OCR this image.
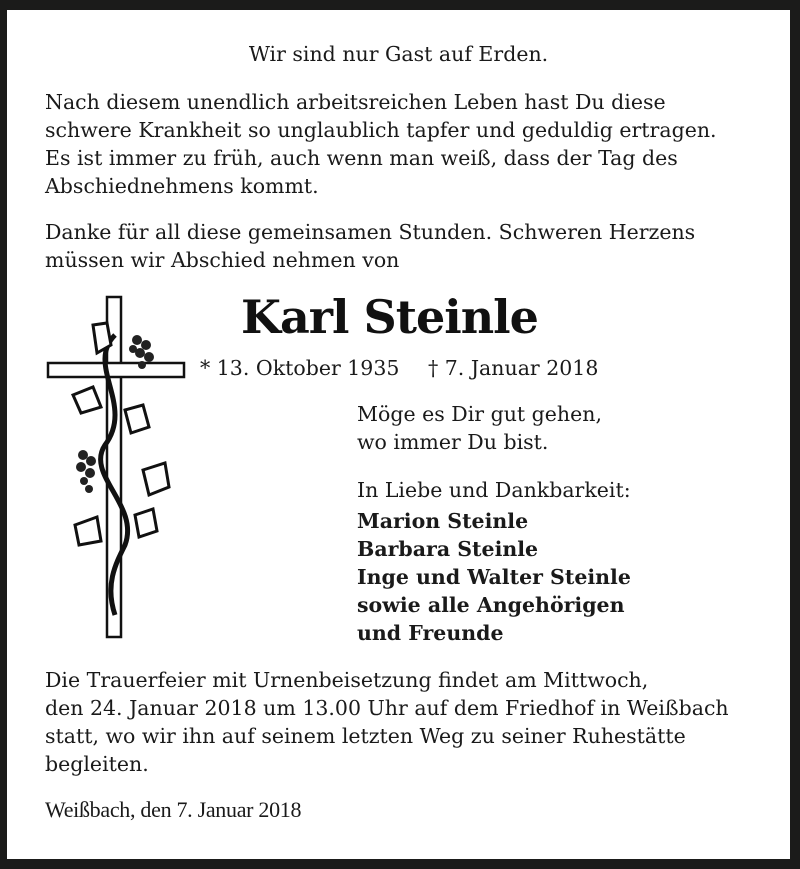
Wir sind nur Gast auf Erden.
Nach diesem unendlich arbeitsreichen Leben hast Du diese
schwere Krankheit so unglaublich tapfer und geduldig ertragen.
Es ist immer zu früh, auch wenn man weiß, dass der Tag des
Abschiednehmens kommt.
Danke für all diese gemeinsamen Stunden. Schweren Herzens
müssen wir Abschied nehmen von
Karl Steinle
* 13. Oktober 1935 † 7. Januar 2018
Möge es Dir gut gehen,
wo immer Du bist.
In Liebe und Dankbarkeit:
Marion Steinle
Barbara Steinle
Inge und Walter Steinle
sowie alle Angehörigen
und Freunde
Die Trauerfeier mit Urnenbeisetzung findet am Mittwoch,
den 24. Januar 2018 um 13.00 Uhr auf dem Friedhof in Weißbach
statt, wo wir ihn auf seinem letzten Weg zu seiner Ruhestätte
begleiten.
Weißbach, den 7. Januar 2018
